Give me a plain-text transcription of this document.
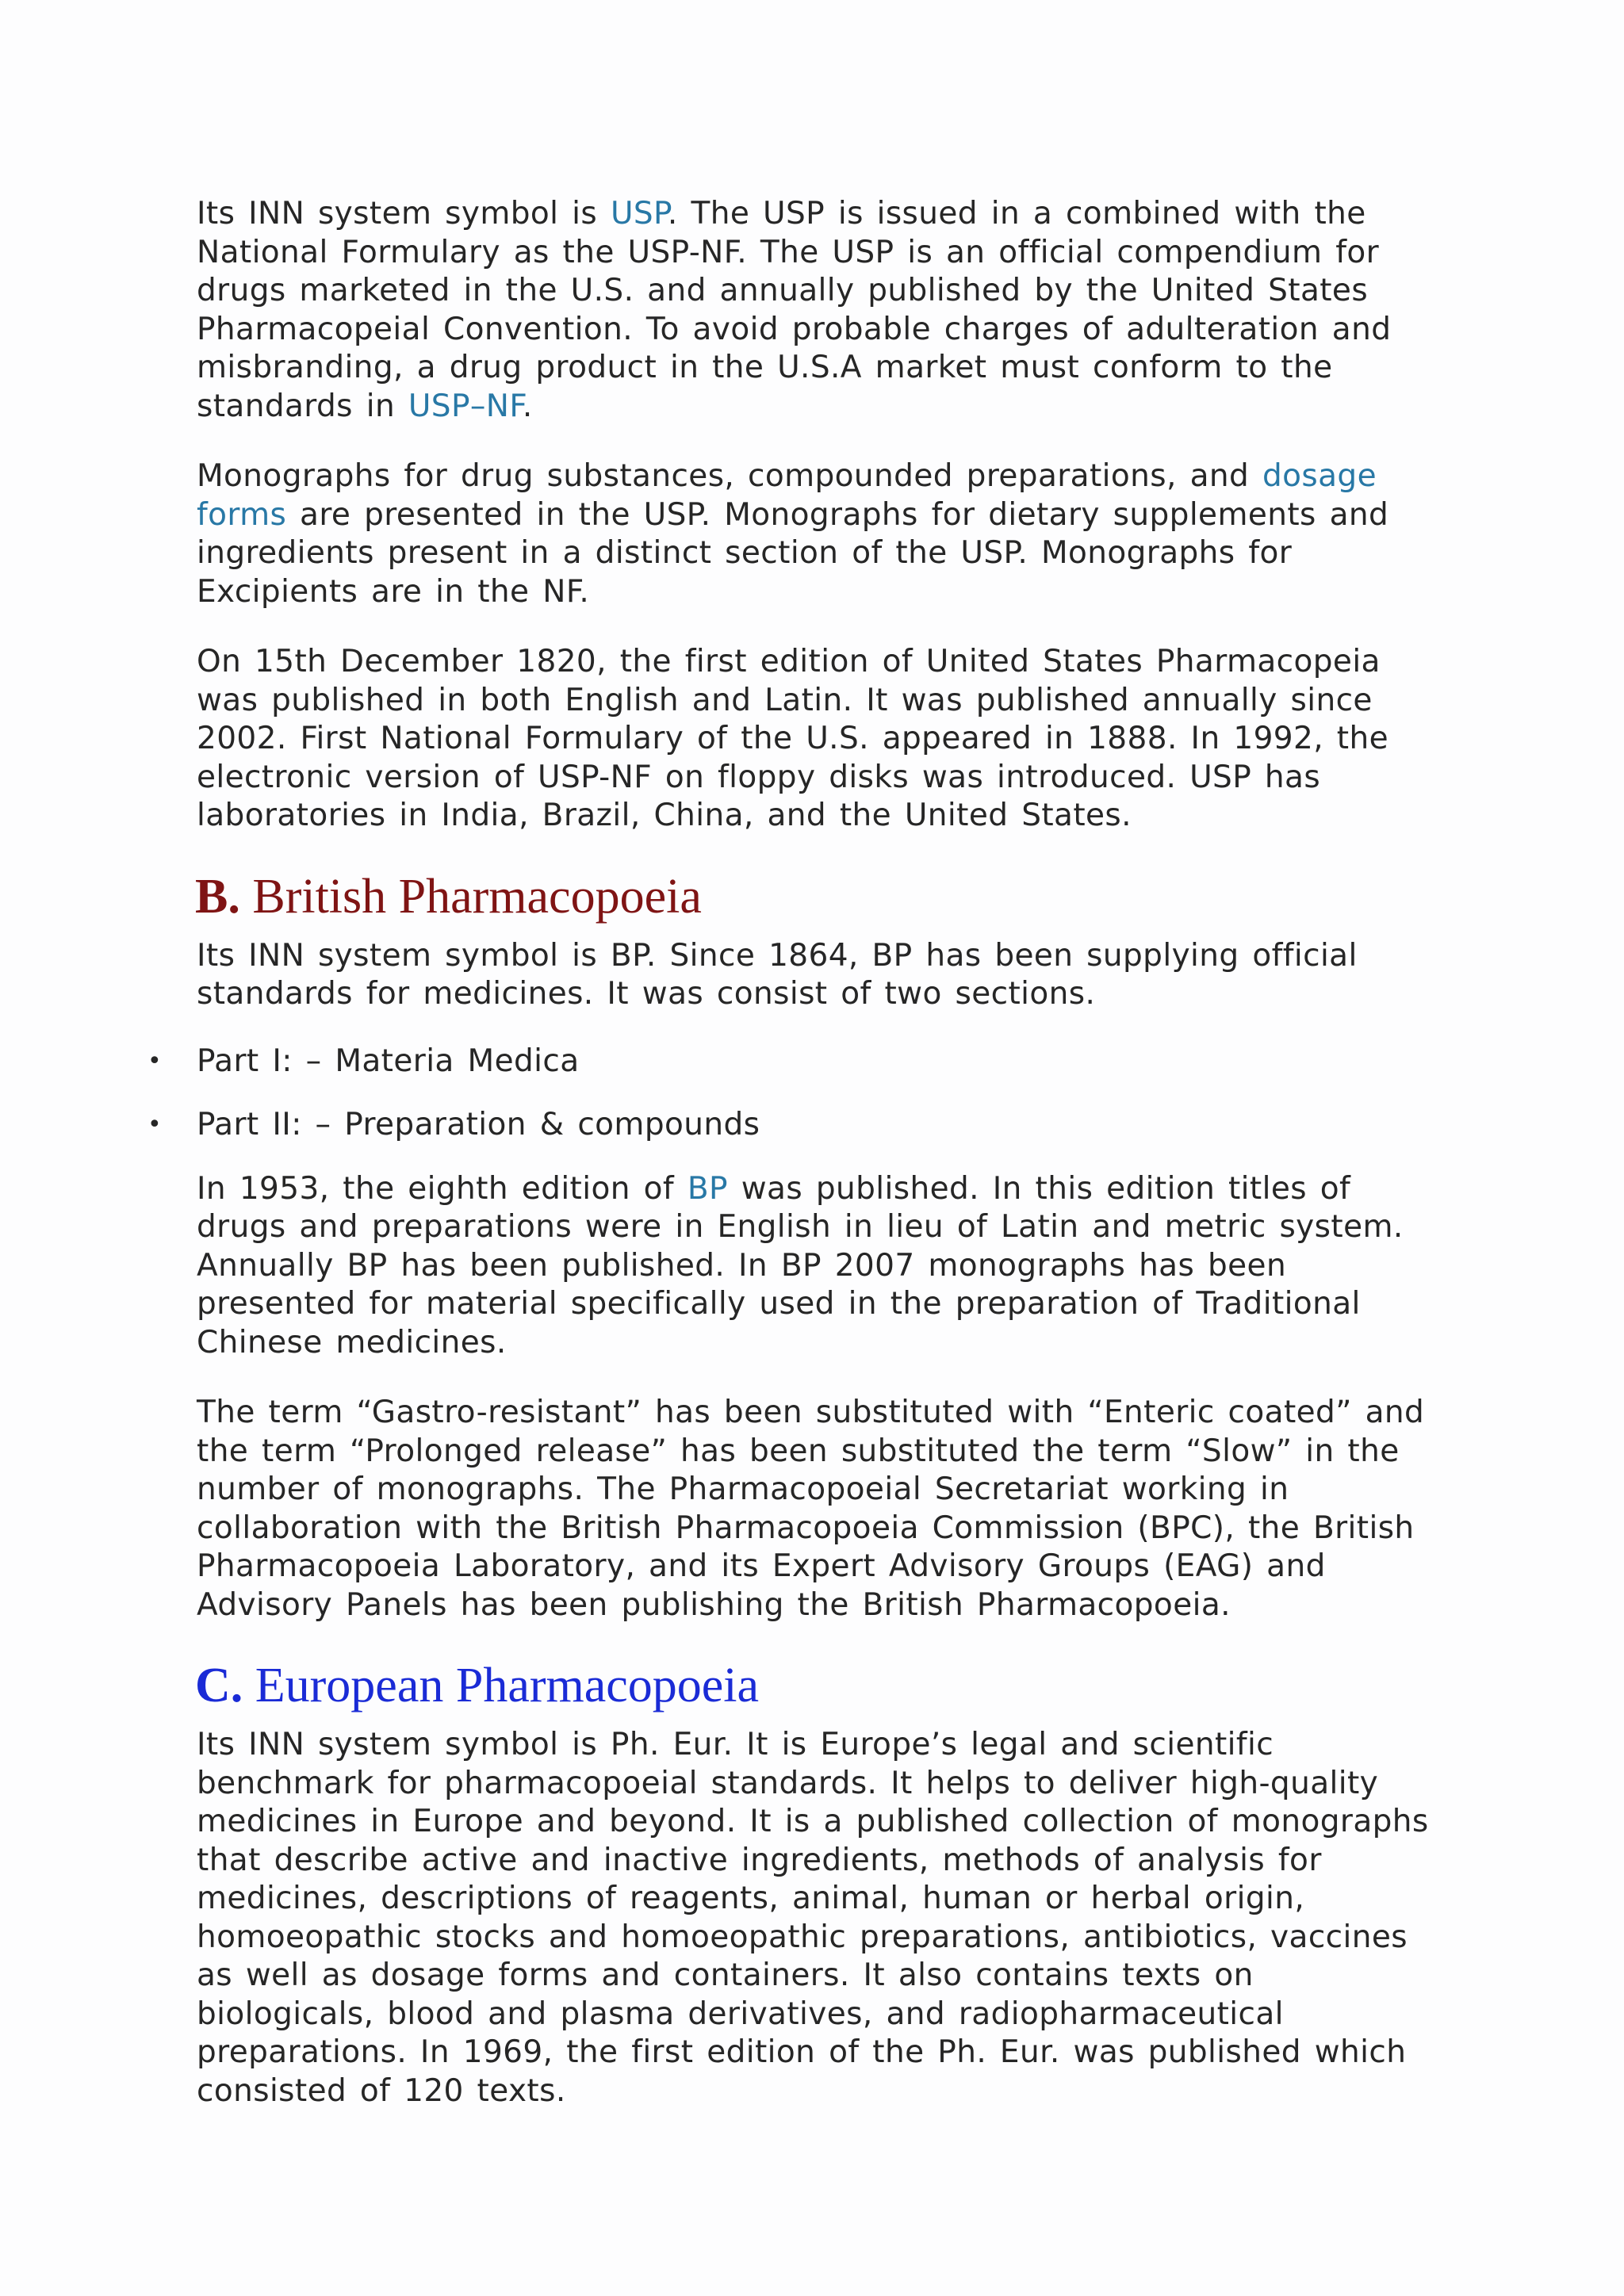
Its INN system symbol is USP. The USP is issued in a combined with the National Formulary as the USP-NF. The USP is an official compendium for drugs marketed in the U.S. and annually published by the United States Pharmacopeial Convention. To avoid probable charges of adulteration and misbranding, a drug product in the U.S.A market must conform to the standards in USP–NF.

Monographs for drug substances, compounded preparations, and dosage forms are presented in the USP. Monographs for dietary supplements and ingredients present in a distinct section of the USP. Monographs for Excipients are in the NF.

On 15th December 1820, the first edition of United States Pharmacopeia was published in both English and Latin. It was published annually since 2002. First National Formulary of the U.S. appeared in 1888. In 1992, the electronic version of USP-NF on floppy disks was introduced. USP has laboratories in India, Brazil, China, and the United States.

B. British Pharmacopoeia

Its INN system symbol is BP. Since 1864, BP has been supplying official standards for medicines. It was consist of two sections.

• Part I: – Materia Medica
• Part II: – Preparation & compounds

In 1953, the eighth edition of BP was published. In this edition titles of drugs and preparations were in English in lieu of Latin and metric system. Annually BP has been published. In BP 2007 monographs has been presented for material specifically used in the preparation of Traditional Chinese medicines.

The term “Gastro-resistant” has been substituted with “Enteric coated” and the term “Prolonged release” has been substituted the term “Slow” in the number of monographs. The Pharmacopoeial Secretariat working in collaboration with the British Pharmacopoeia Commission (BPC), the British Pharmacopoeia Laboratory, and its Expert Advisory Groups (EAG) and Advisory Panels has been publishing the British Pharmacopoeia.

C. European Pharmacopoeia

Its INN system symbol is Ph. Eur. It is Europe’s legal and scientific benchmark for pharmacopoeial standards. It helps to deliver high-quality medicines in Europe and beyond. It is a published collection of monographs that describe active and inactive ingredients, methods of analysis for medicines, descriptions of reagents, animal, human or herbal origin, homoeopathic stocks and homoeopathic preparations, antibiotics, vaccines as well as dosage forms and containers. It also contains texts on biologicals, blood and plasma derivatives, and radiopharmaceutical preparations. In 1969, the first edition of the Ph. Eur. was published which consisted of 120 texts.
